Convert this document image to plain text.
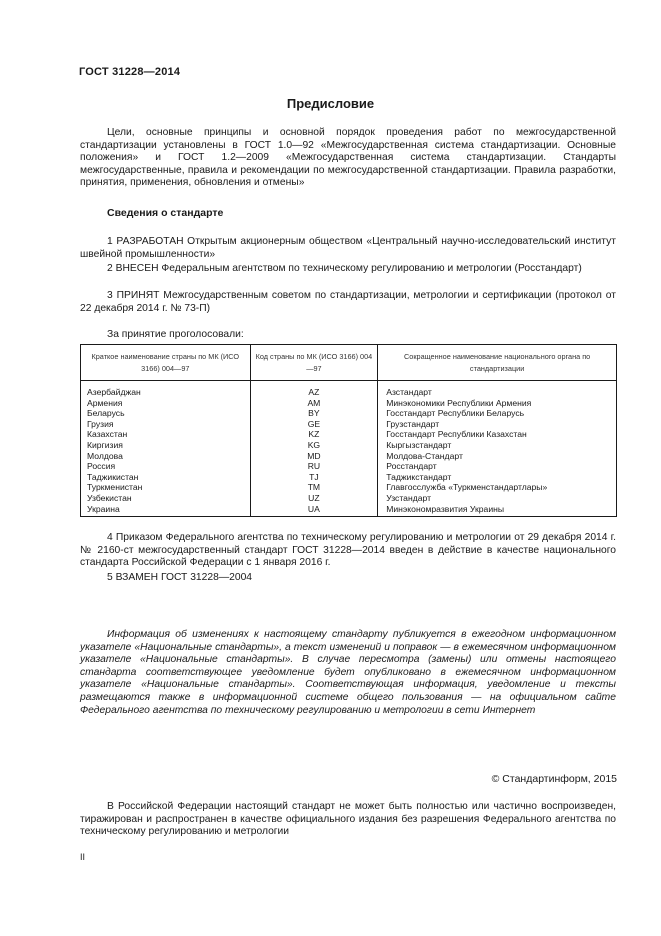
ГОСТ 31228—2014
Предисловие
Цели, основные принципы и основной порядок проведения работ по межгосударственной стандартизации установлены в ГОСТ 1.0—92 «Межгосударственная система стандартизации. Основные положения» и ГОСТ 1.2—2009 «Межгосударственная система стандартизации. Стандарты межгосударственные, правила и рекомендации по межгосударственной стандартизации. Правила разработки, принятия, применения, обновления и отмены»
Сведения о стандарте
1 РАЗРАБОТАН Открытым акционерным обществом «Центральный научно-исследовательский институт швейной промышленности»
2 ВНЕСЕН Федеральным агентством по техническому регулированию и метрологии (Росстандарт)
3 ПРИНЯТ Межгосударственным советом по стандартизации, метрологии и сертификации (протокол от 22 декабря 2014 г. № 73-П)
За принятие проголосовали:
Краткое наименование страны по МК (ИСО 3166) 004—97	Код страны по МК (ИСО 3166) 004—97	Сокращенное наименование национального органа по стандартизации
Азербайджан	AZ	Азстандарт
Армения	AM	Минэкономики Республики Армения
Беларусь	BY	Госстандарт Республики Беларусь
Грузия	GE	Грузстандарт
Казахстан	KZ	Госстандарт Республики Казахстан
Киргизия	KG	Кыргызстандарт
Молдова	MD	Молдова-Стандарт
Россия	RU	Росстандарт
Таджикистан	TJ	Таджикстандарт
Туркменистан	TM	Главгосслужба «Туркменстандартлары»
Узбекистан	UZ	Узстандарт
Украина	UA	Минэкономразвития Украины
4 Приказом Федерального агентства по техническому регулированию и метрологии от 29 декабря 2014 г. № 2160-ст межгосударственный стандарт ГОСТ 31228—2014 введен в действие в качестве национального стандарта Российской Федерации с 1 января 2016 г.
5 ВЗАМЕН ГОСТ 31228—2004
Информация об изменениях к настоящему стандарту публикуется в ежегодном информационном указателе «Национальные стандарты», а текст изменений и поправок — в ежемесячном информационном указателе «Национальные стандарты». В случае пересмотра (замены) или отмены настоящего стандарта соответствующее уведомление будет опубликовано в ежемесячном информационном указателе «Национальные стандарты». Соответствующая информация, уведомление и тексты размещаются также в информационной системе общего пользования — на официальном сайте Федерального агентства по техническому регулированию и метрологии в сети Интернет
© Стандартинформ, 2015
В Российской Федерации настоящий стандарт не может быть полностью или частично воспроизведен, тиражирован и распространен в качестве официального издания без разрешения Федерального агентства по техническому регулированию и метрологии
II
